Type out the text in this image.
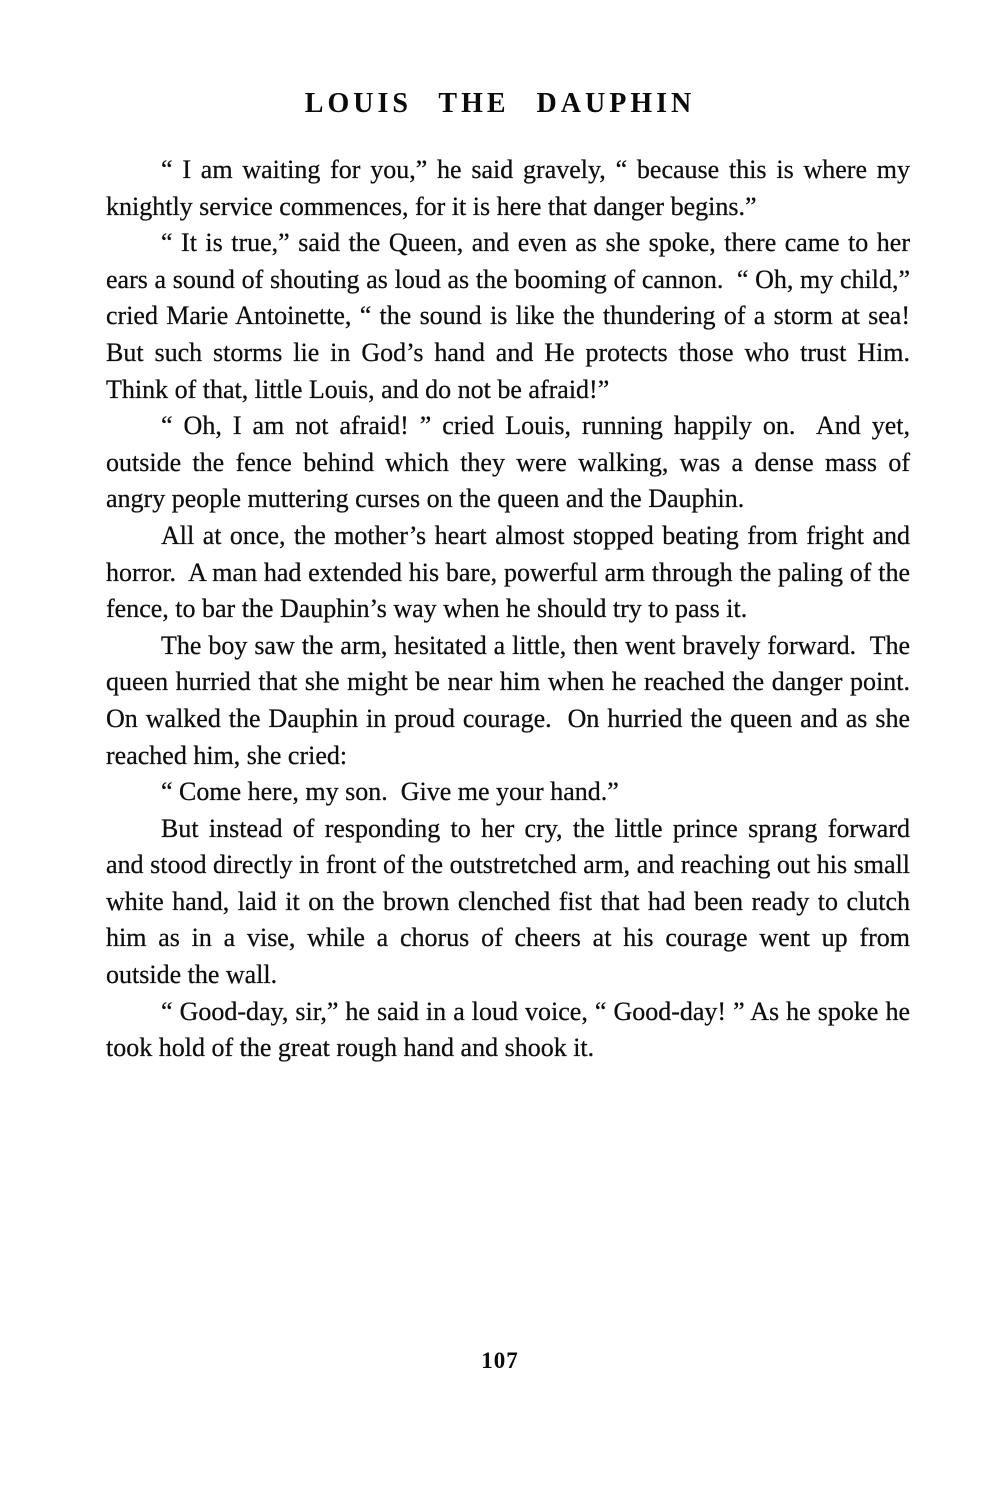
LOUIS THE DAUPHIN

“ I am waiting for you,” he said gravely, “ because this is where my knightly service commences, for it is here that danger begins.”

“ It is true,” said the Queen, and even as she spoke, there came to her ears a sound of shouting as loud as the booming of cannon.  “ Oh, my child,” cried Marie Antoinette, “ the sound is like the thundering of a storm at sea! But such storms lie in God’s hand and He protects those who trust Him.  Think of that, little Louis, and do not be afraid!”

“ Oh, I am not afraid! ” cried Louis, running happily on.  And yet, outside the fence behind which they were walking, was a dense mass of angry people muttering curses on the queen and the Dauphin.

All at once, the mother’s heart almost stopped beating from fright and horror.  A man had extended his bare, powerful arm through the paling of the fence, to bar the Dauphin’s way when he should try to pass it.

The boy saw the arm, hesitated a little, then went bravely forward.  The queen hurried that she might be near him when he reached the danger point.  On walked the Dauphin in proud courage.  On hurried the queen and as she reached him, she cried:

“ Come here, my son.  Give me your hand.”

But instead of responding to her cry, the little prince sprang forward and stood directly in front of the outstretched arm, and reaching out his small white hand, laid it on the brown clenched fist that had been ready to clutch him as in a vise, while a chorus of cheers at his courage went up from outside the wall.

“ Good-day, sir,” he said in a loud voice, “ Good-day! ” As he spoke he took hold of the great rough hand and shook it.

107
